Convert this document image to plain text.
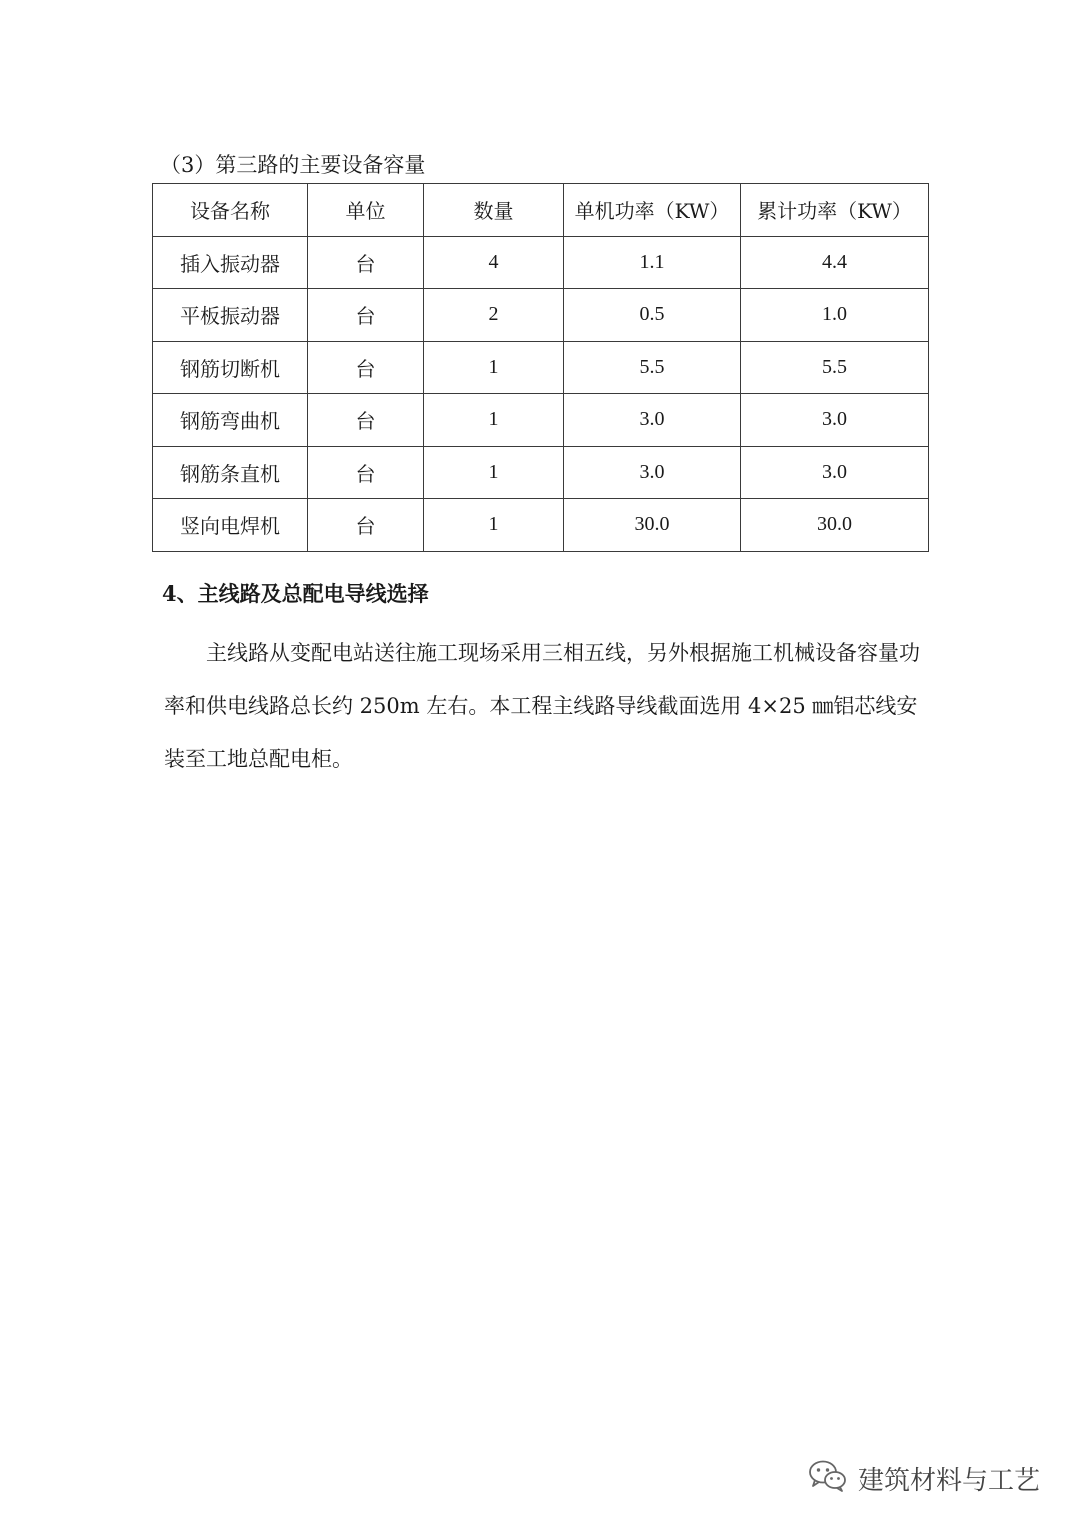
（3）第三路的主要设备容量
设备名称	单位	数量	单机功率（KW）	累计功率（KW）
插入振动器	台	4	1.1	4.4
平板振动器	台	2	0.5	1.0
钢筋切断机	台	1	5.5	5.5
钢筋弯曲机	台	1	3.0	3.0
钢筋条直机	台	1	3.0	3.0
竖向电焊机	台	1	30.0	30.0
4、主线路及总配电导线选择

主线路从变配电站送往施工现场采用三相五线，另外根据施工机械设备容量功率和供电线路总长约 250m 左右。本工程主线路导线截面选用 4×25 ㎜铝芯线安装至工地总配电柜。

建筑材料与工艺
